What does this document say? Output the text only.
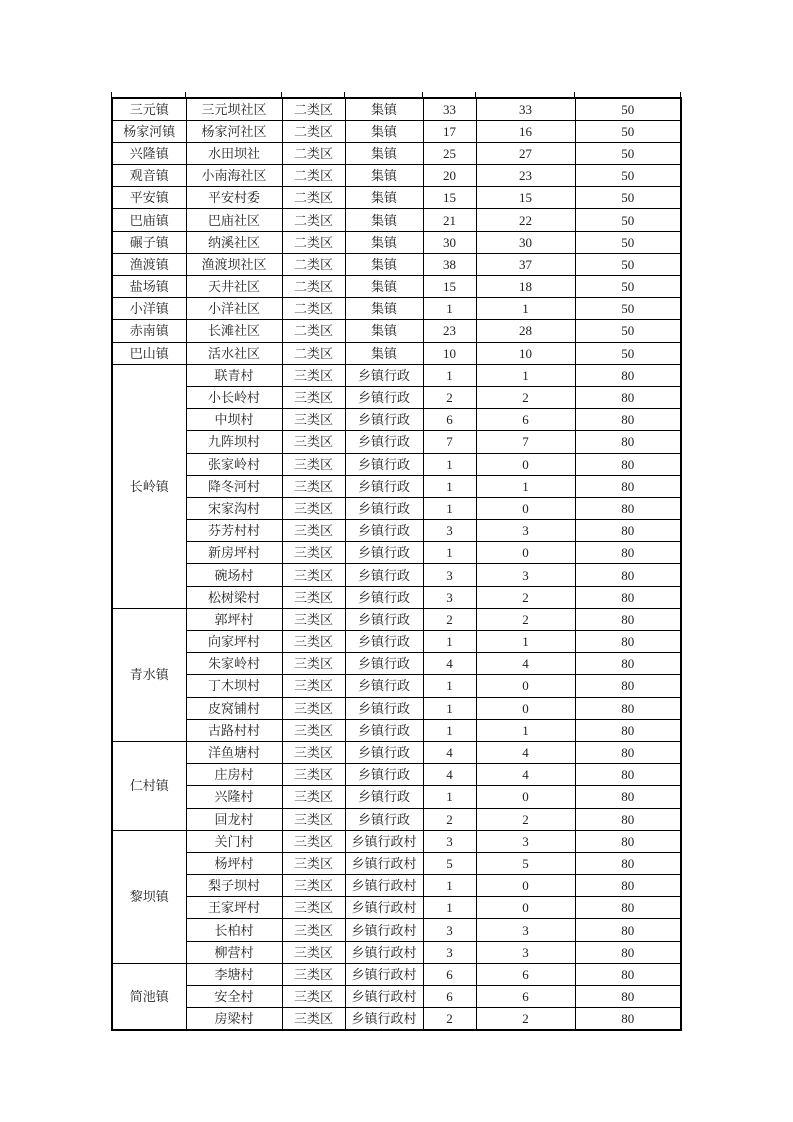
三元镇	三元坝社区	二类区	集镇	33	33	50
杨家河镇	杨家河社区	二类区	集镇	17	16	50
兴隆镇	水田坝社	二类区	集镇	25	27	50
观音镇	小南海社区	二类区	集镇	20	23	50
平安镇	平安村委	二类区	集镇	15	15	50
巴庙镇	巴庙社区	二类区	集镇	21	22	50
碾子镇	纳溪社区	二类区	集镇	30	30	50
渔渡镇	渔渡坝社区	二类区	集镇	38	37	50
盐场镇	天井社区	二类区	集镇	15	18	50
小洋镇	小洋社区	二类区	集镇	1	1	50
赤南镇	长滩社区	二类区	集镇	23	28	50
巴山镇	活水社区	二类区	集镇	10	10	50
长岭镇	联青村	三类区	乡镇行政	1	1	80
	小长岭村	三类区	乡镇行政	2	2	80
	中坝村	三类区	乡镇行政	6	6	80
	九阵坝村	三类区	乡镇行政	7	7	80
	张家岭村	三类区	乡镇行政	1	0	80
	降冬河村	三类区	乡镇行政	1	1	80
	宋家沟村	三类区	乡镇行政	1	0	80
	芬芳村村	三类区	乡镇行政	3	3	80
	新房坪村	三类区	乡镇行政	1	0	80
	碗场村	三类区	乡镇行政	3	3	80
	松树梁村	三类区	乡镇行政	3	2	80
青水镇	郭坪村	三类区	乡镇行政	2	2	80
	向家坪村	三类区	乡镇行政	1	1	80
	朱家岭村	三类区	乡镇行政	4	4	80
	丁木坝村	三类区	乡镇行政	1	0	80
	皮窝铺村	三类区	乡镇行政	1	0	80
	古路村村	三类区	乡镇行政	1	1	80
仁村镇	洋鱼塘村	三类区	乡镇行政	4	4	80
	庄房村	三类区	乡镇行政	4	4	80
	兴隆村	三类区	乡镇行政	1	0	80
	回龙村	三类区	乡镇行政	2	2	80
黎坝镇	关门村	三类区	乡镇行政村	3	3	80
	杨坪村	三类区	乡镇行政村	5	5	80
	梨子坝村	三类区	乡镇行政村	1	0	80
	王家坪村	三类区	乡镇行政村	1	0	80
	长柏村	三类区	乡镇行政村	3	3	80
	柳营村	三类区	乡镇行政村	3	3	80
简池镇	李塘村	三类区	乡镇行政村	6	6	80
	安全村	三类区	乡镇行政村	6	6	80
	房梁村	三类区	乡镇行政村	2	2	80
